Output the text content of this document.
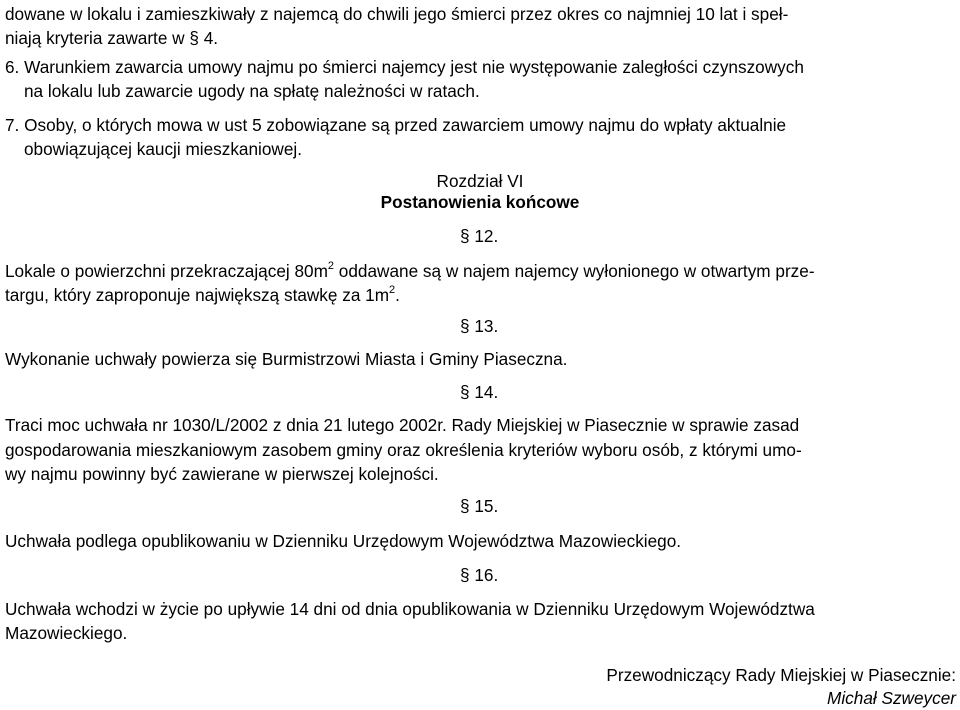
dowane w lokalu i zamieszkiwały z najemcą do chwili jego śmierci przez okres co najmniej 10 lat i speł-

niają kryteria zawarte w § 4.

6. Warunkiem zawarcia umowy najmu po śmierci najemcy jest nie występowanie zaległości czynszowych

na lokalu lub zawarcie ugody na spłatę należności w ratach.

7. Osoby, o których mowa w ust 5 zobowiązane są przed zawarciem umowy najmu do wpłaty aktualnie

obowiązującej kaucji mieszkaniowej.

Rozdział VI

Postanowienia końcowe

§ 12.

Lokale o powierzchni przekraczającej $80m^2$ oddawane są w najem najemcy wyłonionego w otwartym prze-

targu, który zaproponuje największą stawkę za $1m^2$.

§ 13.

Wykonanie uchwały powierza się Burmistrzowi Miasta i Gminy Piaseczna.

§ 14.

Traci moc uchwała nr 1030/L/2002 z dnia 21 lutego 2002r. Rady Miejskiej w Piasecznie w sprawie zasad

gospodarowania mieszkaniowym zasobem gminy oraz określenia kryteriów wyboru osób, z którymi umo-

wy najmu powinny być zawierane w pierwszej kolejności.

§ 15.

Uchwała podlega opublikowaniu w Dzienniku Urzędowym Województwa Mazowieckiego.

§ 16.

Uchwała wchodzi w życie po upływie 14 dni od dnia opublikowania w Dzienniku Urzędowym Województwa

Mazowieckiego.

Przewodniczący Rady Miejskiej w Piasecznie:

Michał Szweycer
